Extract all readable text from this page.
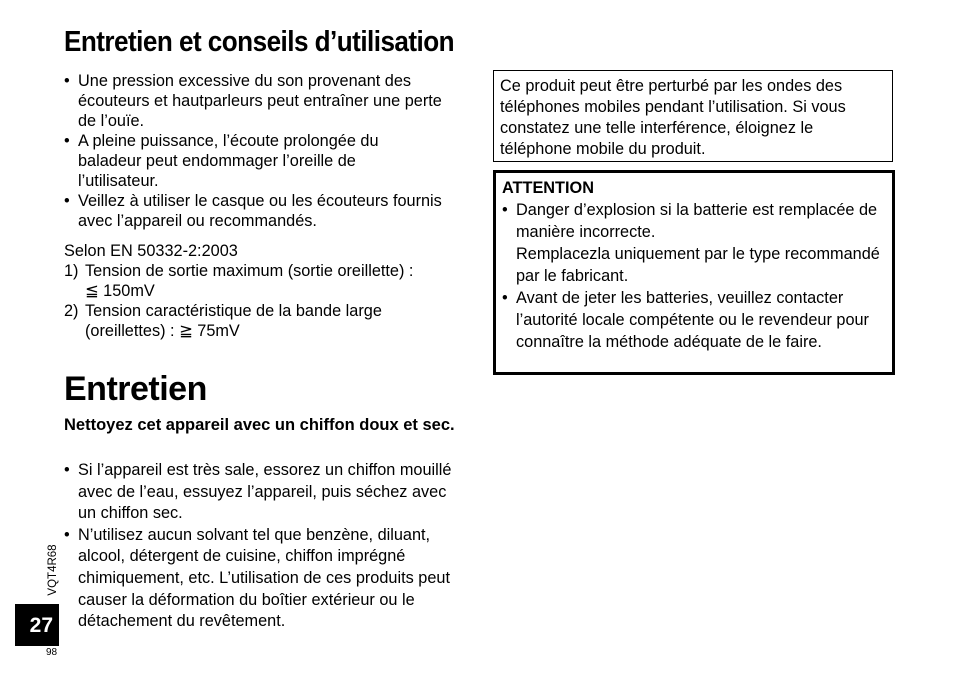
Entretien et conseils d’utilisation

• Une pression excessive du son provenant des écouteurs et hautparleurs peut entraîner une perte de l’ouïe.

• A pleine puissance, l’écoute prolongée du baladeur peut endommager l’oreille de l’utilisateur.

• Veillez à utiliser le casque ou les écouteurs fournis avec l’appareil ou recommandés.

Selon EN 50332-2:2003

1) Tension de sortie maximum (sortie oreillette) :
≦ 150mV

2) Tension caractéristique de la bande large
(oreillettes) : ≧ 75mV

Entretien
Nettoyez cet appareil avec un chiffon doux et sec.

• Si l’appareil est très sale, essorez un chiffon mouillé avec de l’eau, essuyez l’appareil, puis séchez avec un chiffon sec.

• N’utilisez aucun solvant tel que benzène, diluant, alcool, détergent de cuisine, chiffon imprégné chimiquement, etc. L’utilisation de ces produits peut causer la déformation du boîtier extérieur ou le détachement du revêtement.

Ce produit peut être perturbé par les ondes des téléphones mobiles pendant l’utilisation. Si vous constatez une telle interférence, éloignez le téléphone mobile du produit.
ATTENTION
• Danger d’explosion si la batterie est remplacée de manière incorrecte.
Remplacezla uniquement par le type recommandé par le fabricant.
• Avant de jeter les batteries, veuillez contacter l’autorité locale compétente ou le revendeur pour connaître la méthode adéquate de le faire.
VQT4R68
27
98
